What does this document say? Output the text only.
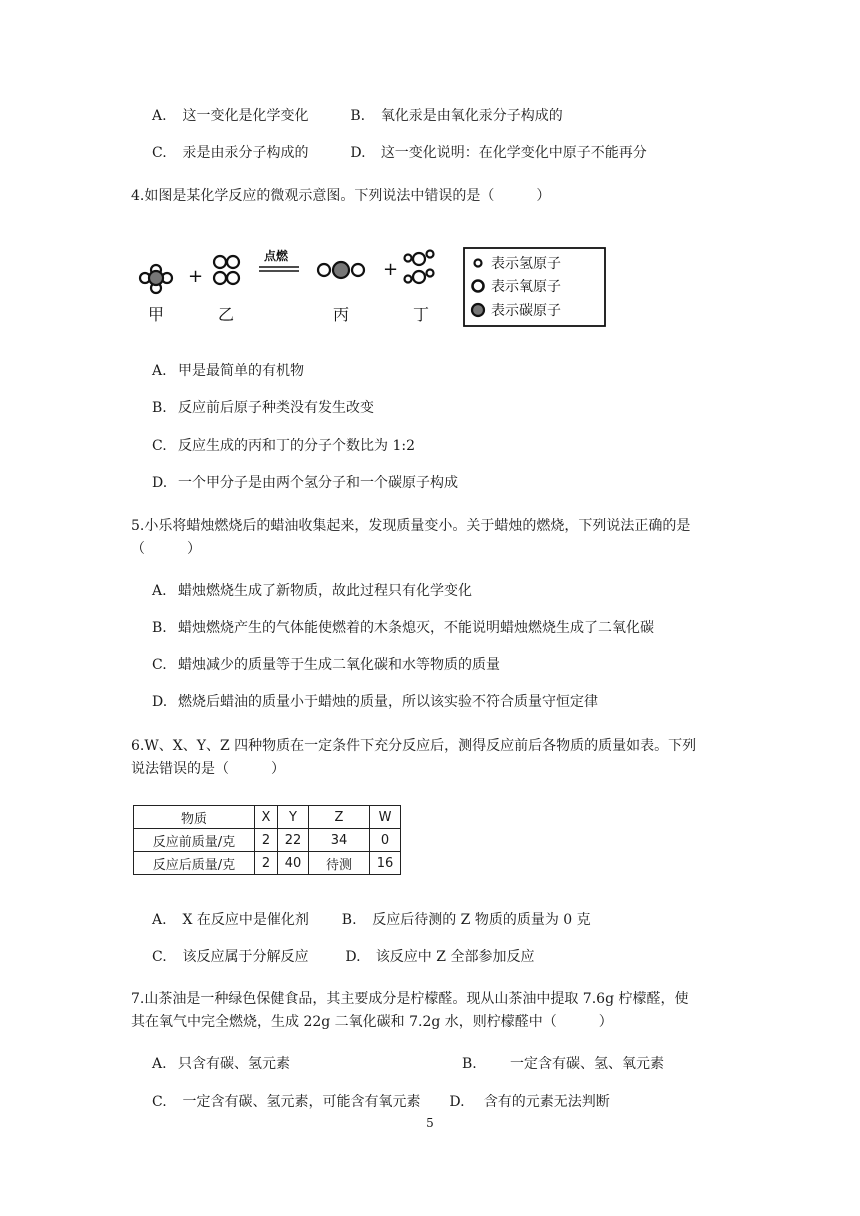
A. 这一变化是化学变化	B. 氧化汞是由氧化汞分子构成的
C. 汞是由汞分子构成的	D. 这一变化说明：在化学变化中原子不能再分
4.如图是某化学反应的微观示意图。下列说法中错误的是（　　　）
+	+
点燃
甲	乙	丙	丁
表示氢原子
表示氧原子
表示碳原子
A. 甲是最简单的有机物
B. 反应前后原子种类没有发生改变
C. 反应生成的丙和丁的分子个数比为 1:2
D. 一个甲分子是由两个氢分子和一个碳原子构成
5.小乐将蜡烛燃烧后的蜡油收集起来，发现质量变小。关于蜡烛的燃烧，下列说法正确的是
（　　　）
A. 蜡烛燃烧生成了新物质，故此过程只有化学变化
B. 蜡烛燃烧产生的气体能使燃着的木条熄灭，不能说明蜡烛燃烧生成了二氧化碳
C. 蜡烛减少的质量等于生成二氧化碳和水等物质的质量
D. 燃烧后蜡油的质量小于蜡烛的质量，所以该实验不符合质量守恒定律
6.W、X、Y、Z 四种物质在一定条件下充分反应后，测得反应前后各物质的质量如表。下列
说法错误的是（　　　）
物质	X	Y	Z	W
反应前质量/克	2	22	34	0
反应后质量/克	2	40	待测	16
A. X 在反应中是催化剂 B. 反应后待测的 Z 物质的质量为 0 克
C. 该反应属于分解反应	D. 该反应中 Z 全部参加反应
7.山茶油是一种绿色保健食品，其主要成分是柠檬醛。现从山茶油中提取 7.6g 柠檬醛，使
其在氧气中完全燃烧，生成 22g 二氧化碳和 7.2g 水，则柠檬醛中（　　　）
A. 只含有碳、氢元素	B. 一定含有碳、氢、氧元素
C. 一定含有碳、氢元素，可能含有氧元素 D. 含有的元素无法判断
5
